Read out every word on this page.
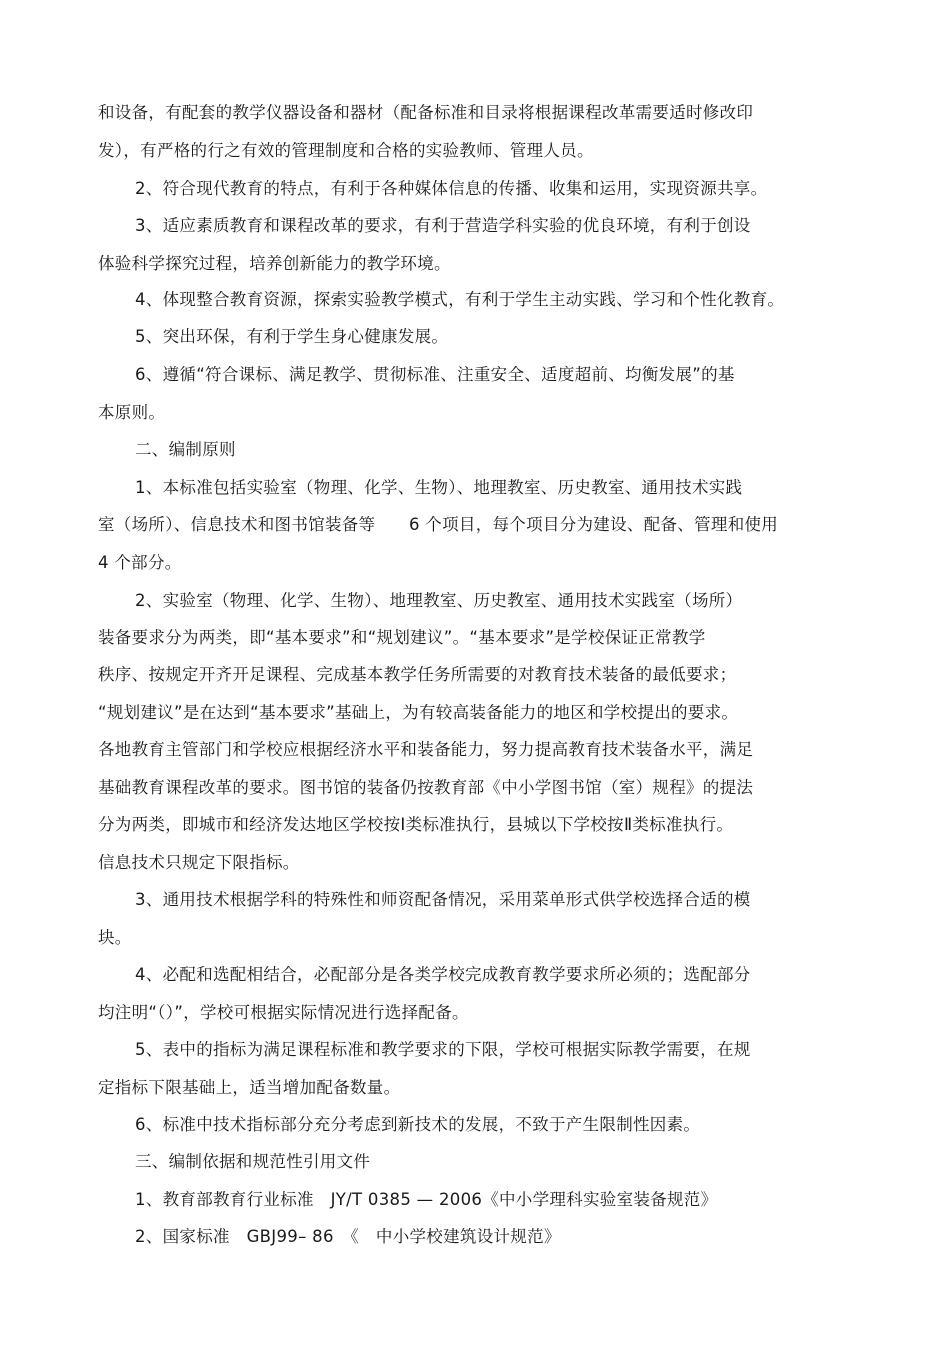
和设备，有配套的教学仪器设备和器材（配备标准和目录将根据课程改革需要适时修改印
发），有严格的行之有效的管理制度和合格的实验教师、管理人员。
2、符合现代教育的特点，有利于各种媒体信息的传播、收集和运用，实现资源共享。
3、适应素质教育和课程改革的要求，有利于营造学科实验的优良环境，有利于创设
体验科学探究过程，培养创新能力的教学环境。
4、体现整合教育资源，探索实验教学模式，有利于学生主动实践、学习和个性化教育。
5、突出环保，有利于学生身心健康发展。
6、遵循“符合课标、满足教学、贯彻标准、注重安全、适度超前、均衡发展”的基
本原则。
二、编制原则
1、本标准包括实验室（物理、化学、生物）、地理教室、历史教室、通用技术实践
室（场所）、信息技术和图书馆装备等　　6 个项目，每个项目分为建设、配备、管理和使用
4 个部分。
2、实验室（物理、化学、生物）、地理教室、历史教室、通用技术实践室（场所）
装备要求分为两类，即“基本要求”和“规划建议”。“基本要求”是学校保证正常教学
秩序、按规定开齐开足课程、完成基本教学任务所需要的对教育技术装备的最低要求；
“规划建议”是在达到“基本要求”基础上，为有较高装备能力的地区和学校提出的要求。
各地教育主管部门和学校应根据经济水平和装备能力，努力提高教育技术装备水平，满足
基础教育课程改革的要求。图书馆的装备仍按教育部《中小学图书馆（室）规程》的提法
分为两类，即城市和经济发达地区学校按Ⅰ类标准执行，县城以下学校按Ⅱ类标准执行。
信息技术只规定下限指标。
3、通用技术根据学科的特殊性和师资配备情况，采用菜单形式供学校选择合适的模
块。
4、必配和选配相结合，必配部分是各类学校完成教育教学要求所必须的；选配部分
均注明“（）”，学校可根据实际情况进行选择配备。
5、表中的指标为满足课程标准和教学要求的下限，学校可根据实际教学需要，在规
定指标下限基础上，适当增加配备数量。
6、标准中技术指标部分充分考虑到新技术的发展，不致于产生限制性因素。
三、编制依据和规范性引用文件
1、教育部教育行业标准　JY/T 0385 — 2006《中小学理科实验室装备规范》
2、国家标准　GBJ99– 86　《　中小学校建筑设计规范》
